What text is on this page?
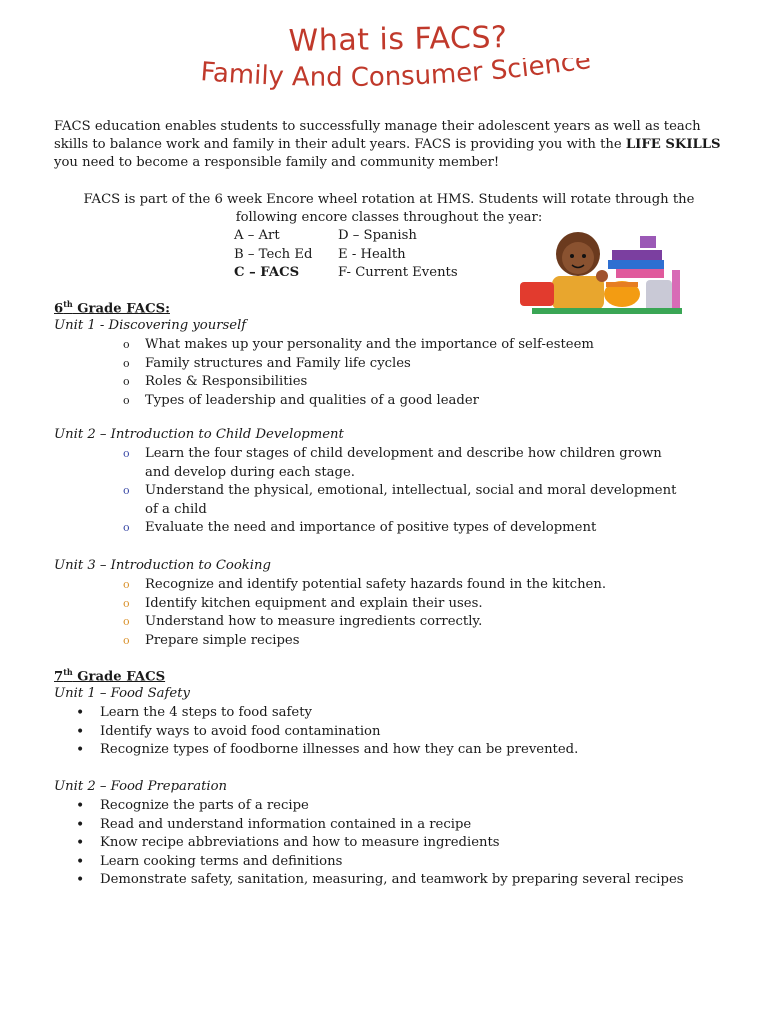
What is FACS?
Family And Consumer Science
FACS education enables students to successfully manage their adolescent years as well as teach skills to balance work and family in their adult years. FACS is providing you with the LIFE SKILLS you need to become a responsible family and community member!
FACS is part of the 6 week Encore wheel rotation at HMS. Students will rotate through the following encore classes throughout the year:
A – Art	D – Spanish
B – Tech Ed	E - Health
C – FACS	F- Current Events
6th Grade FACS:
Unit 1 - Discovering yourself
o What makes up your personality and the importance of self-esteem
o Family structures and Family life cycles
o Roles & Responsibilities
o Types of leadership and qualities of a good leader
Unit 2 – Introduction to Child Development
o Learn the four stages of child development and describe how children grown and develop during each stage.
o Understand the physical, emotional, intellectual, social and moral development of a child
o Evaluate the need and importance of positive types of development
Unit 3 – Introduction to Cooking
o Recognize and identify potential safety hazards found in the kitchen.
o Identify kitchen equipment and explain their uses.
o Understand how to measure ingredients correctly.
o Prepare simple recipes
7th Grade FACS
Unit 1 – Food Safety
• Learn the 4 steps to food safety
• Identify ways to avoid food contamination
• Recognize types of foodborne illnesses and how they can be prevented.
Unit 2 – Food Preparation
• Recognize the parts of a recipe
• Read and understand information contained in a recipe
• Know recipe abbreviations and how to measure ingredients
• Learn cooking terms and definitions
• Demonstrate safety, sanitation, measuring, and teamwork by preparing several recipes
